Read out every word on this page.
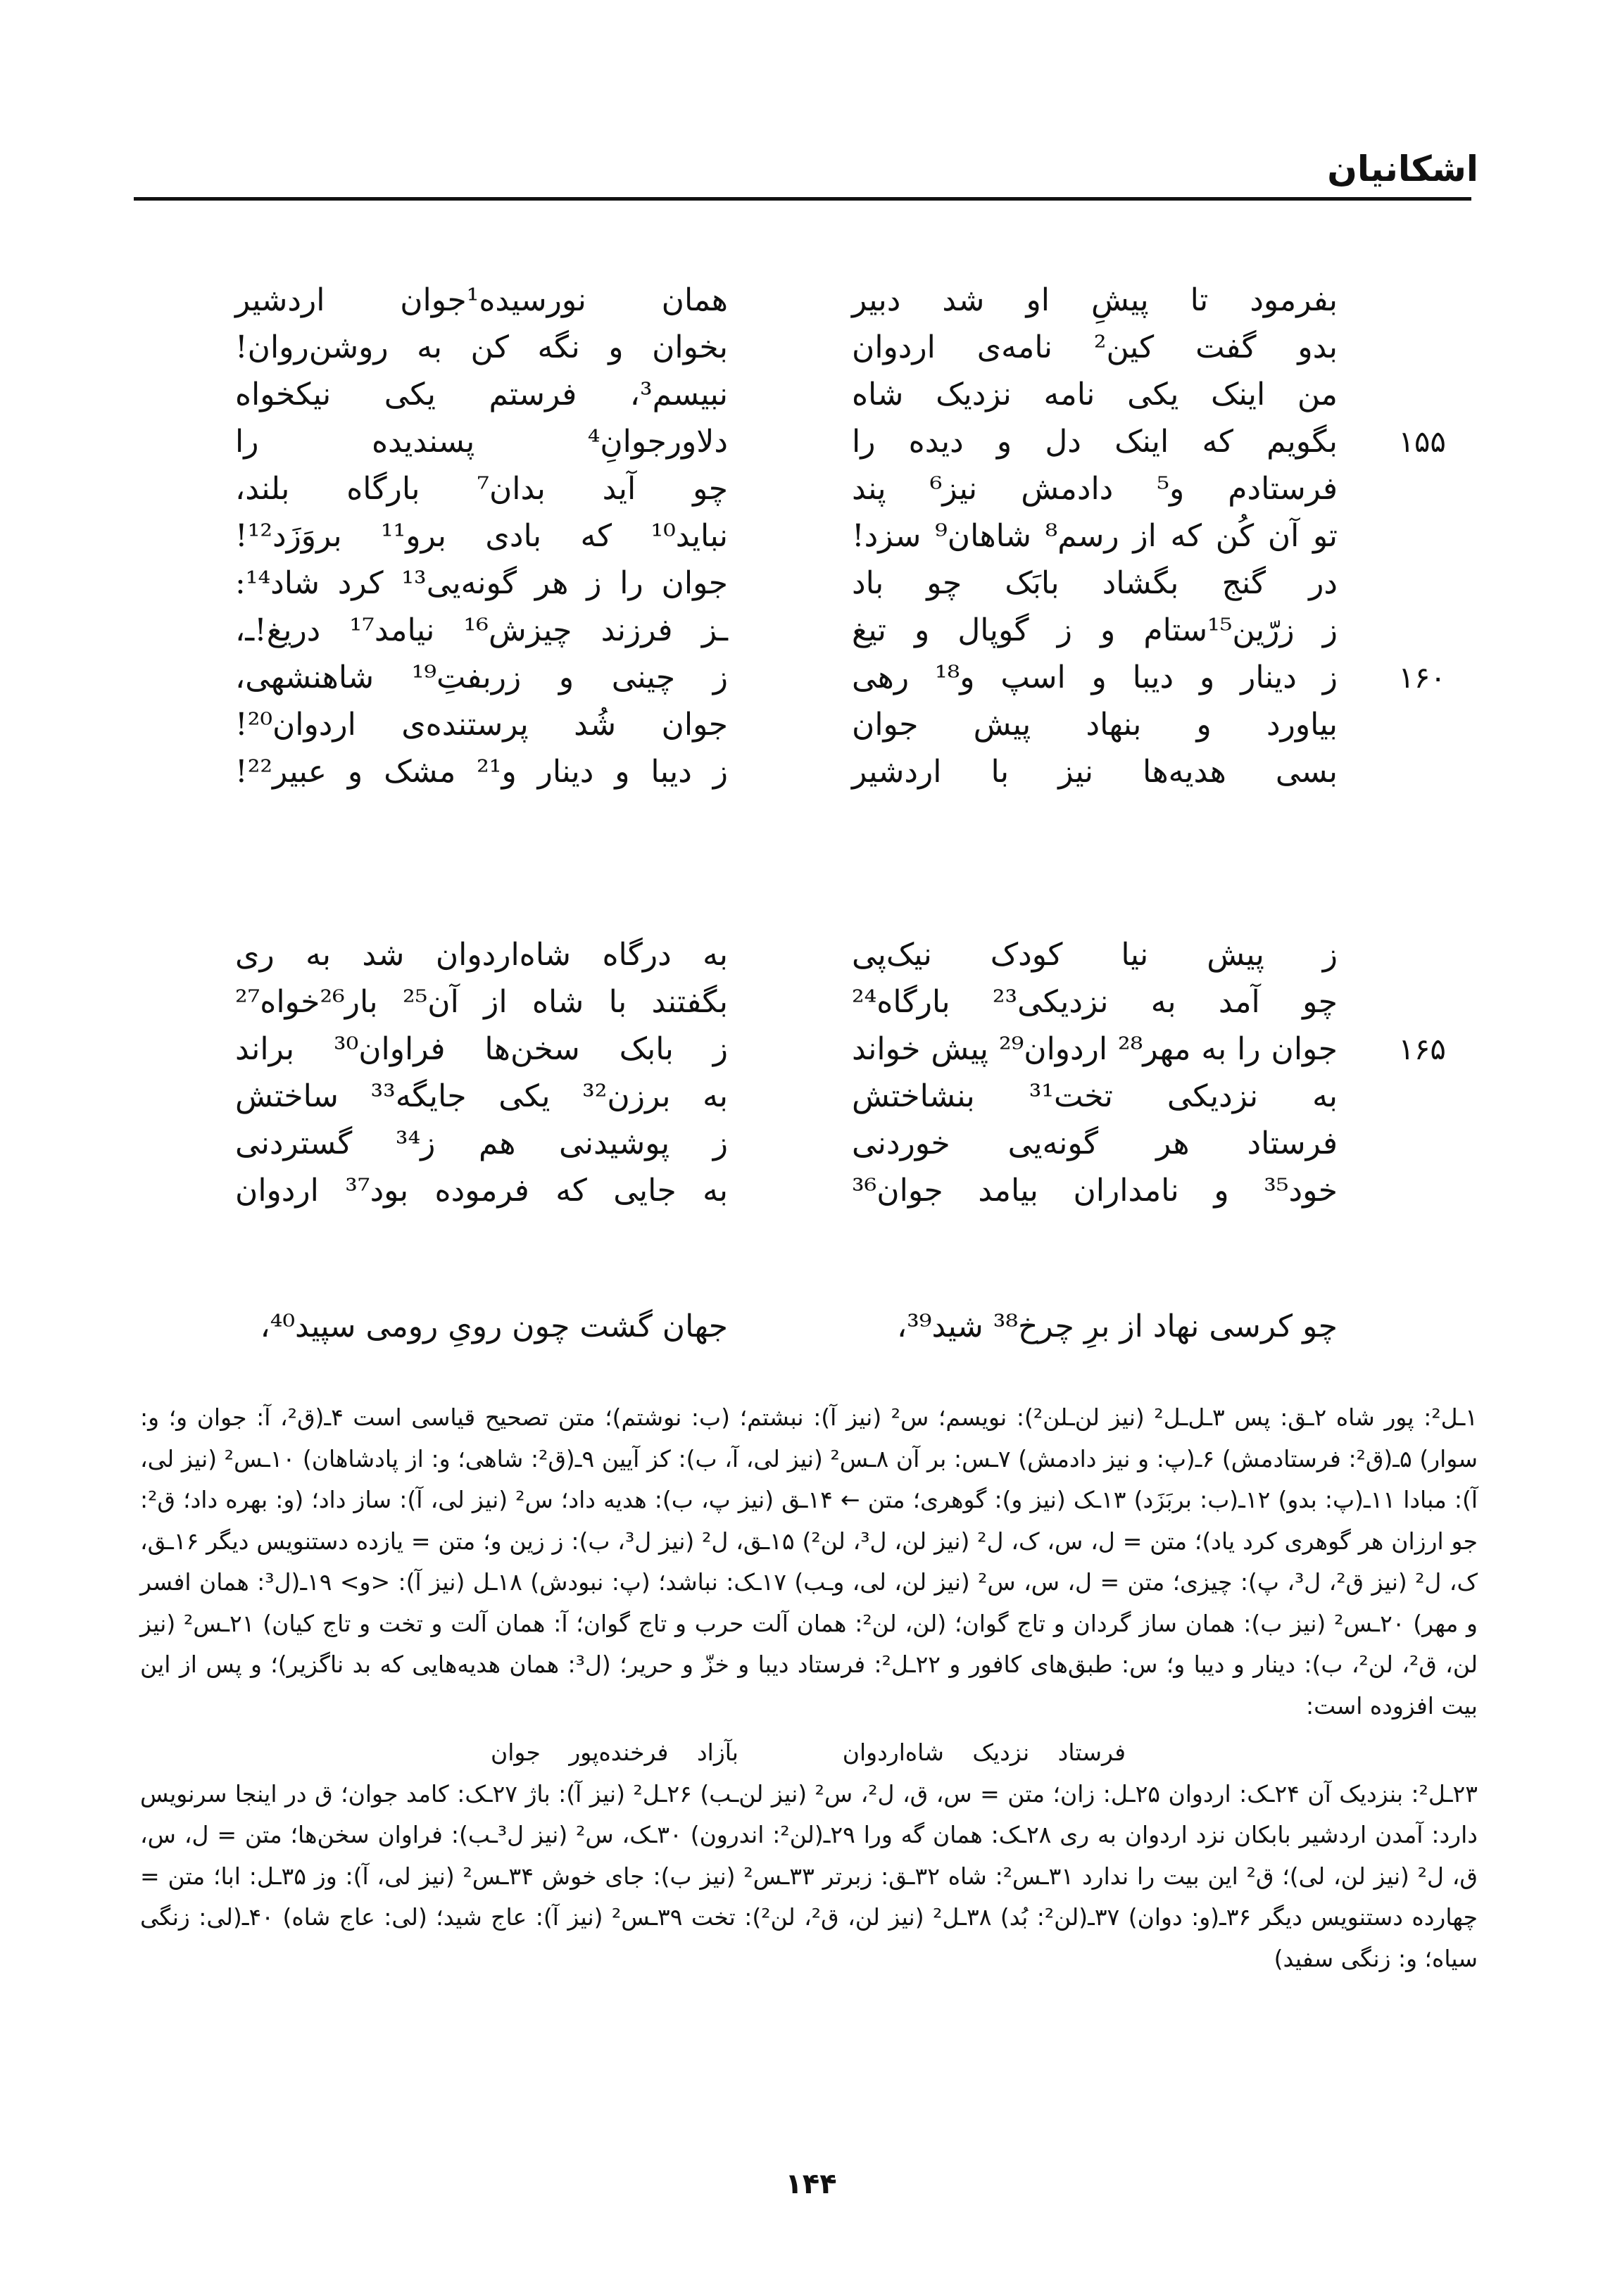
اشکانیان
بفرمود تا پیشِ او شد دبیر
همان نورسیده¹جوان اردشیر
بدو گفت کین² نامه‌ی اردوان
بخوان و نگه کن به روشن‌روان!
من اینک یکی نامه نزدیک شاه
نبیسم³، فرستم یکی نیکخواه
۱۵۵
بگویم که اینک دل و دیده را
دلاورجوانِ⁴ پسندیده را
فرستادم و⁵ دادمش نیز⁶ پند
چو آید بدان⁷ بارگاه بلند،
تو آن کُن که از رسم⁸ شاهان⁹ سزد!
نباید¹⁰ که بادی برو¹¹ بروَزَد¹²!
در گنج بگشاد بابَک چو باد
جوان را ز هر گونه‌یی¹³ کرد شاد¹⁴:
ز زرّین¹⁵ستام و ز گوپال و تیغ
ـز فرزند چیزش¹⁶ نیامد¹⁷ دریغ!ـ،
۱۶۰
ز دینار و دیبا و اسپ و¹⁸ رهی
ز چینی و زربفتِ¹⁹ شاهنشهی،
بیاورد و بنهاد پیش جوان
جوان شُد پرستنده‌ی اردوان²⁰!
بسی هدیه‌ها نیز با اردشیر
ز دیبا و دینار و²¹ مشک و عبیر²²!
ز پیش نیا کودک نیک‌پی
به درگاه شاه‌اردوان شد به ری
چو آمد به نزدیکی²³ بارگاه²⁴
بگفتند با شاه از آن²⁵ بار²⁶خواه²⁷
۱۶۵
جوان را به مهر²⁸ اردوان²⁹ پیش خواند
ز بابک سخن‌ها فراوان³⁰ براند
به نزدیکی تخت³¹ بنشاختش
به برزن³² یکی جایگه³³ ساختش
فرستاد هر گونه‌یی خوردنی
ز پوشیدنی هم ز³⁴ گستردنی
خود³⁵ و نامداران بیامد جوان³⁶
به جایی که فرموده بود³⁷ اردوان
چو کرسی نهاد از برِ چرخ³⁸ شید³⁹،
جهان گشت چون رویِ رومی سپید⁴⁰،

۱ـل²: پور شاه ۲ـق: پس ۳ـل‌ـل² (نیز لن‌ـلن²): نویسم؛ س² (نیز آ): نبشتم؛ (ب: نوشتم)؛ متن تصحیح قیاسی است ۴ـ(ق²، آ: جوان و؛ و: سوار) ۵ـ(ق²: فرستادمش) ۶ـ(پ: و نیز دادمش) ۷ـس: بر آن ۸ـس² (نیز لی، آ، ب): کز آیین ۹ـ(ق²: شاهی؛ و: از پادشاهان) ۱۰ـس² (نیز لی، آ): مبادا ۱۱ـ(پ: بدو) ۱۲ـ(ب: بربَزَد) ۱۳ـک (نیز و): گوهری؛ متن ← ۱۴ـق (نیز پ، ب): هدیه داد؛ س² (نیز لی، آ): ساز داد؛ (و: بهره داد؛ ق²: جو ارزان هر گوهری کرد یاد)؛ متن = ل، س، ک، ل² (نیز لن، ل³، لن²) ۱۵ـق، ل² (نیز ل³، ب): ز زین و؛ متن = یازده دستنویس دیگر ۱۶ـق، ک، ل² (نیز ق²، ل³، پ): چیزی؛ متن = ل، س، س² (نیز لن، لی، وـب) ۱۷ـک: نباشد؛ (پ: نبودش) ۱۸ـل (نیز آ): <و> ۱۹ـ(ل³: همان افسر و مهر) ۲۰ـس² (نیز ب): همان ساز گردان و تاج گوان؛ (لن، لن²: همان آلت حرب و تاج گوان؛ آ: همان آلت و تخت و تاج کیان) ۲۱ـس² (نیز لن، ق²، لن²، ب): دینار و دیبا و؛ س: طبق‌های کافور و ۲۲ـل²: فرستاد دیبا و خزّ و حریر؛ (ل³: همان هدیه‌هایی که بد ناگزیر)؛ و پس از این بیت افزوده است:

فرستاد نزدیک شاه‌اردوان
بآزاد فرخنده‌پور جوان

۲۳ـل²: بنزدیک آن ۲۴ـک: اردوان ۲۵ـل: زان؛ متن = س، ق، ل²، س² (نیز لن‌ـب) ۲۶ـل² (نیز آ): باژ ۲۷ـک: کامد جوان؛ ق در اینجا سرنویس دارد: آمدن اردشیر بابکان نزد اردوان به ری ۲۸ـک: همان گه ورا ۲۹ـ(لن²: اندرون) ۳۰ـک، س² (نیز ل³ـب): فراوان سخن‌ها؛ متن = ل، س، ق، ل² (نیز لن، لی)؛ ق² این بیت را ندارد ۳۱ـس²: شاه ۳۲ـق: زبرتر ۳۳ـس² (نیز ب): جای خوش ۳۴ـس² (نیز لی، آ): وز ۳۵ـل: ابا؛ متن = چهارده دستنویس دیگر ۳۶ـ(و: دوان) ۳۷ـ(لن²: بُد) ۳۸ـل² (نیز لن، ق²، لن²): تخت ۳۹ـس² (نیز آ): عاج شید؛ (لی: عاج شاه) ۴۰ـ(لی: زنگی سیاه؛ و: زنگی سفید)

۱۴۴
